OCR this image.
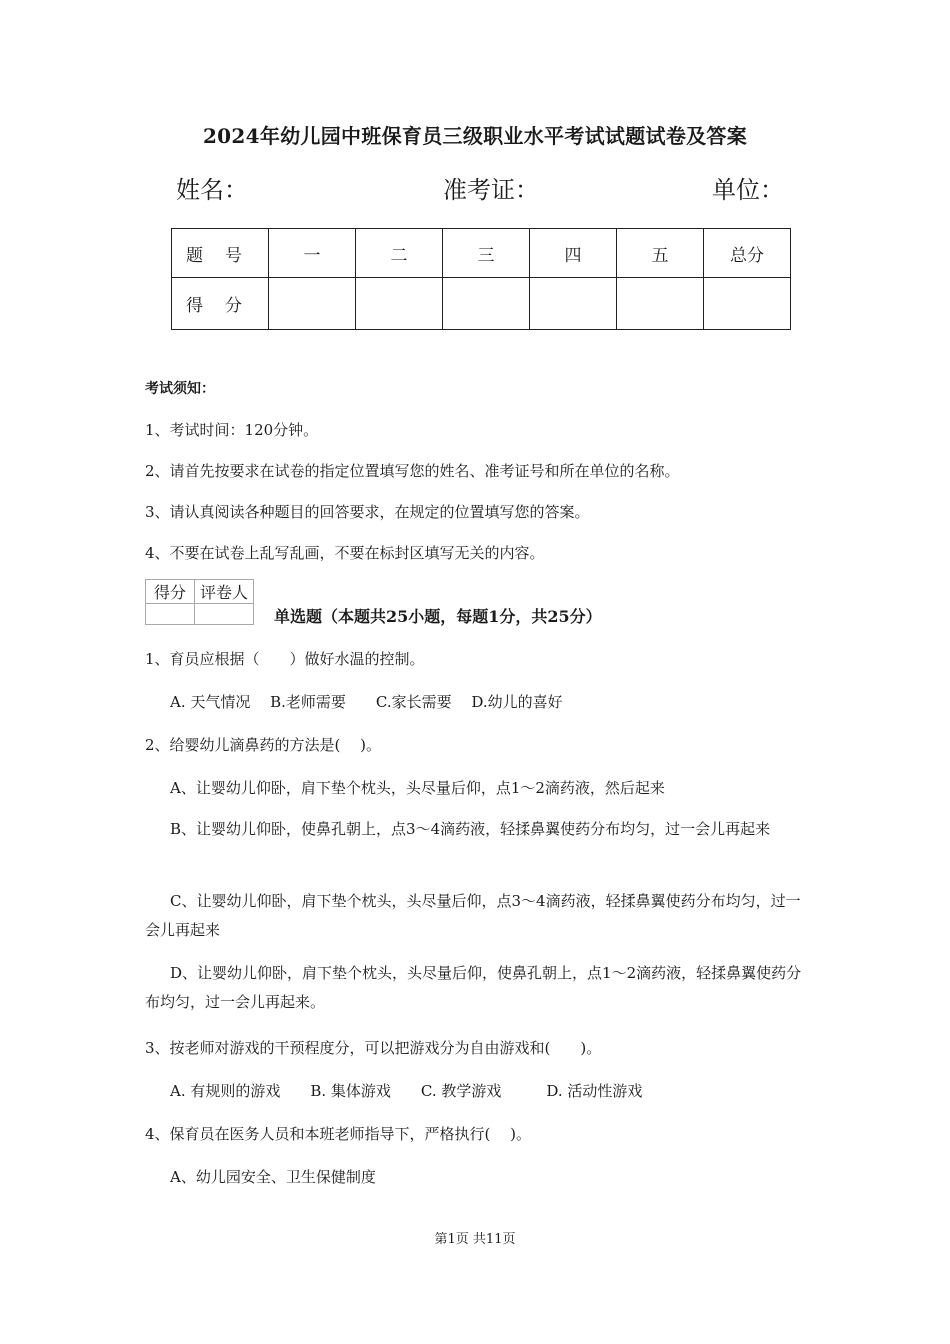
2024年幼儿园中班保育员三级职业水平考试试题试卷及答案
姓名：	准考证：	单位：
题号	一	二	三	四	五	总分
得分						
考试须知：
1、考试时间：120分钟。
2、请首先按要求在试卷的指定位置填写您的姓名、准考证号和所在单位的名称。
3、请认真阅读各种题目的回答要求，在规定的位置填写您的答案。
4、不要在试卷上乱写乱画，不要在标封区填写无关的内容。
得分	评卷人

单选题（本题共25小题，每题1分，共25分）
1、育员应根据（　　）做好水温的控制。
A. 天气情况　 B.老师需要　　C.家长需要　 D.幼儿的喜好
2、给婴幼儿滴鼻药的方法是(　 )。
A、让婴幼儿仰卧，肩下垫个枕头，头尽量后仰，点1～2滴药液，然后起来
B、让婴幼儿仰卧，使鼻孔朝上，点3～4滴药液，轻揉鼻翼使药分布均匀，过一会儿再起来
C、让婴幼儿仰卧，肩下垫个枕头，头尽量后仰，点3～4滴药液，轻揉鼻翼使药分布均匀，过一会儿再起来
D、让婴幼儿仰卧，肩下垫个枕头，头尽量后仰，使鼻孔朝上，点1～2滴药液，轻揉鼻翼使药分布均匀，过一会儿再起来。
3、按老师对游戏的干预程度分，可以把游戏分为自由游戏和(　　)。
A. 有规则的游戏　　B. 集体游戏　　C. 教学游戏　　　D. 活动性游戏
4、保育员在医务人员和本班老师指导下，严格执行(　 )。
A、幼儿园安全、卫生保健制度
第1页 共11页
